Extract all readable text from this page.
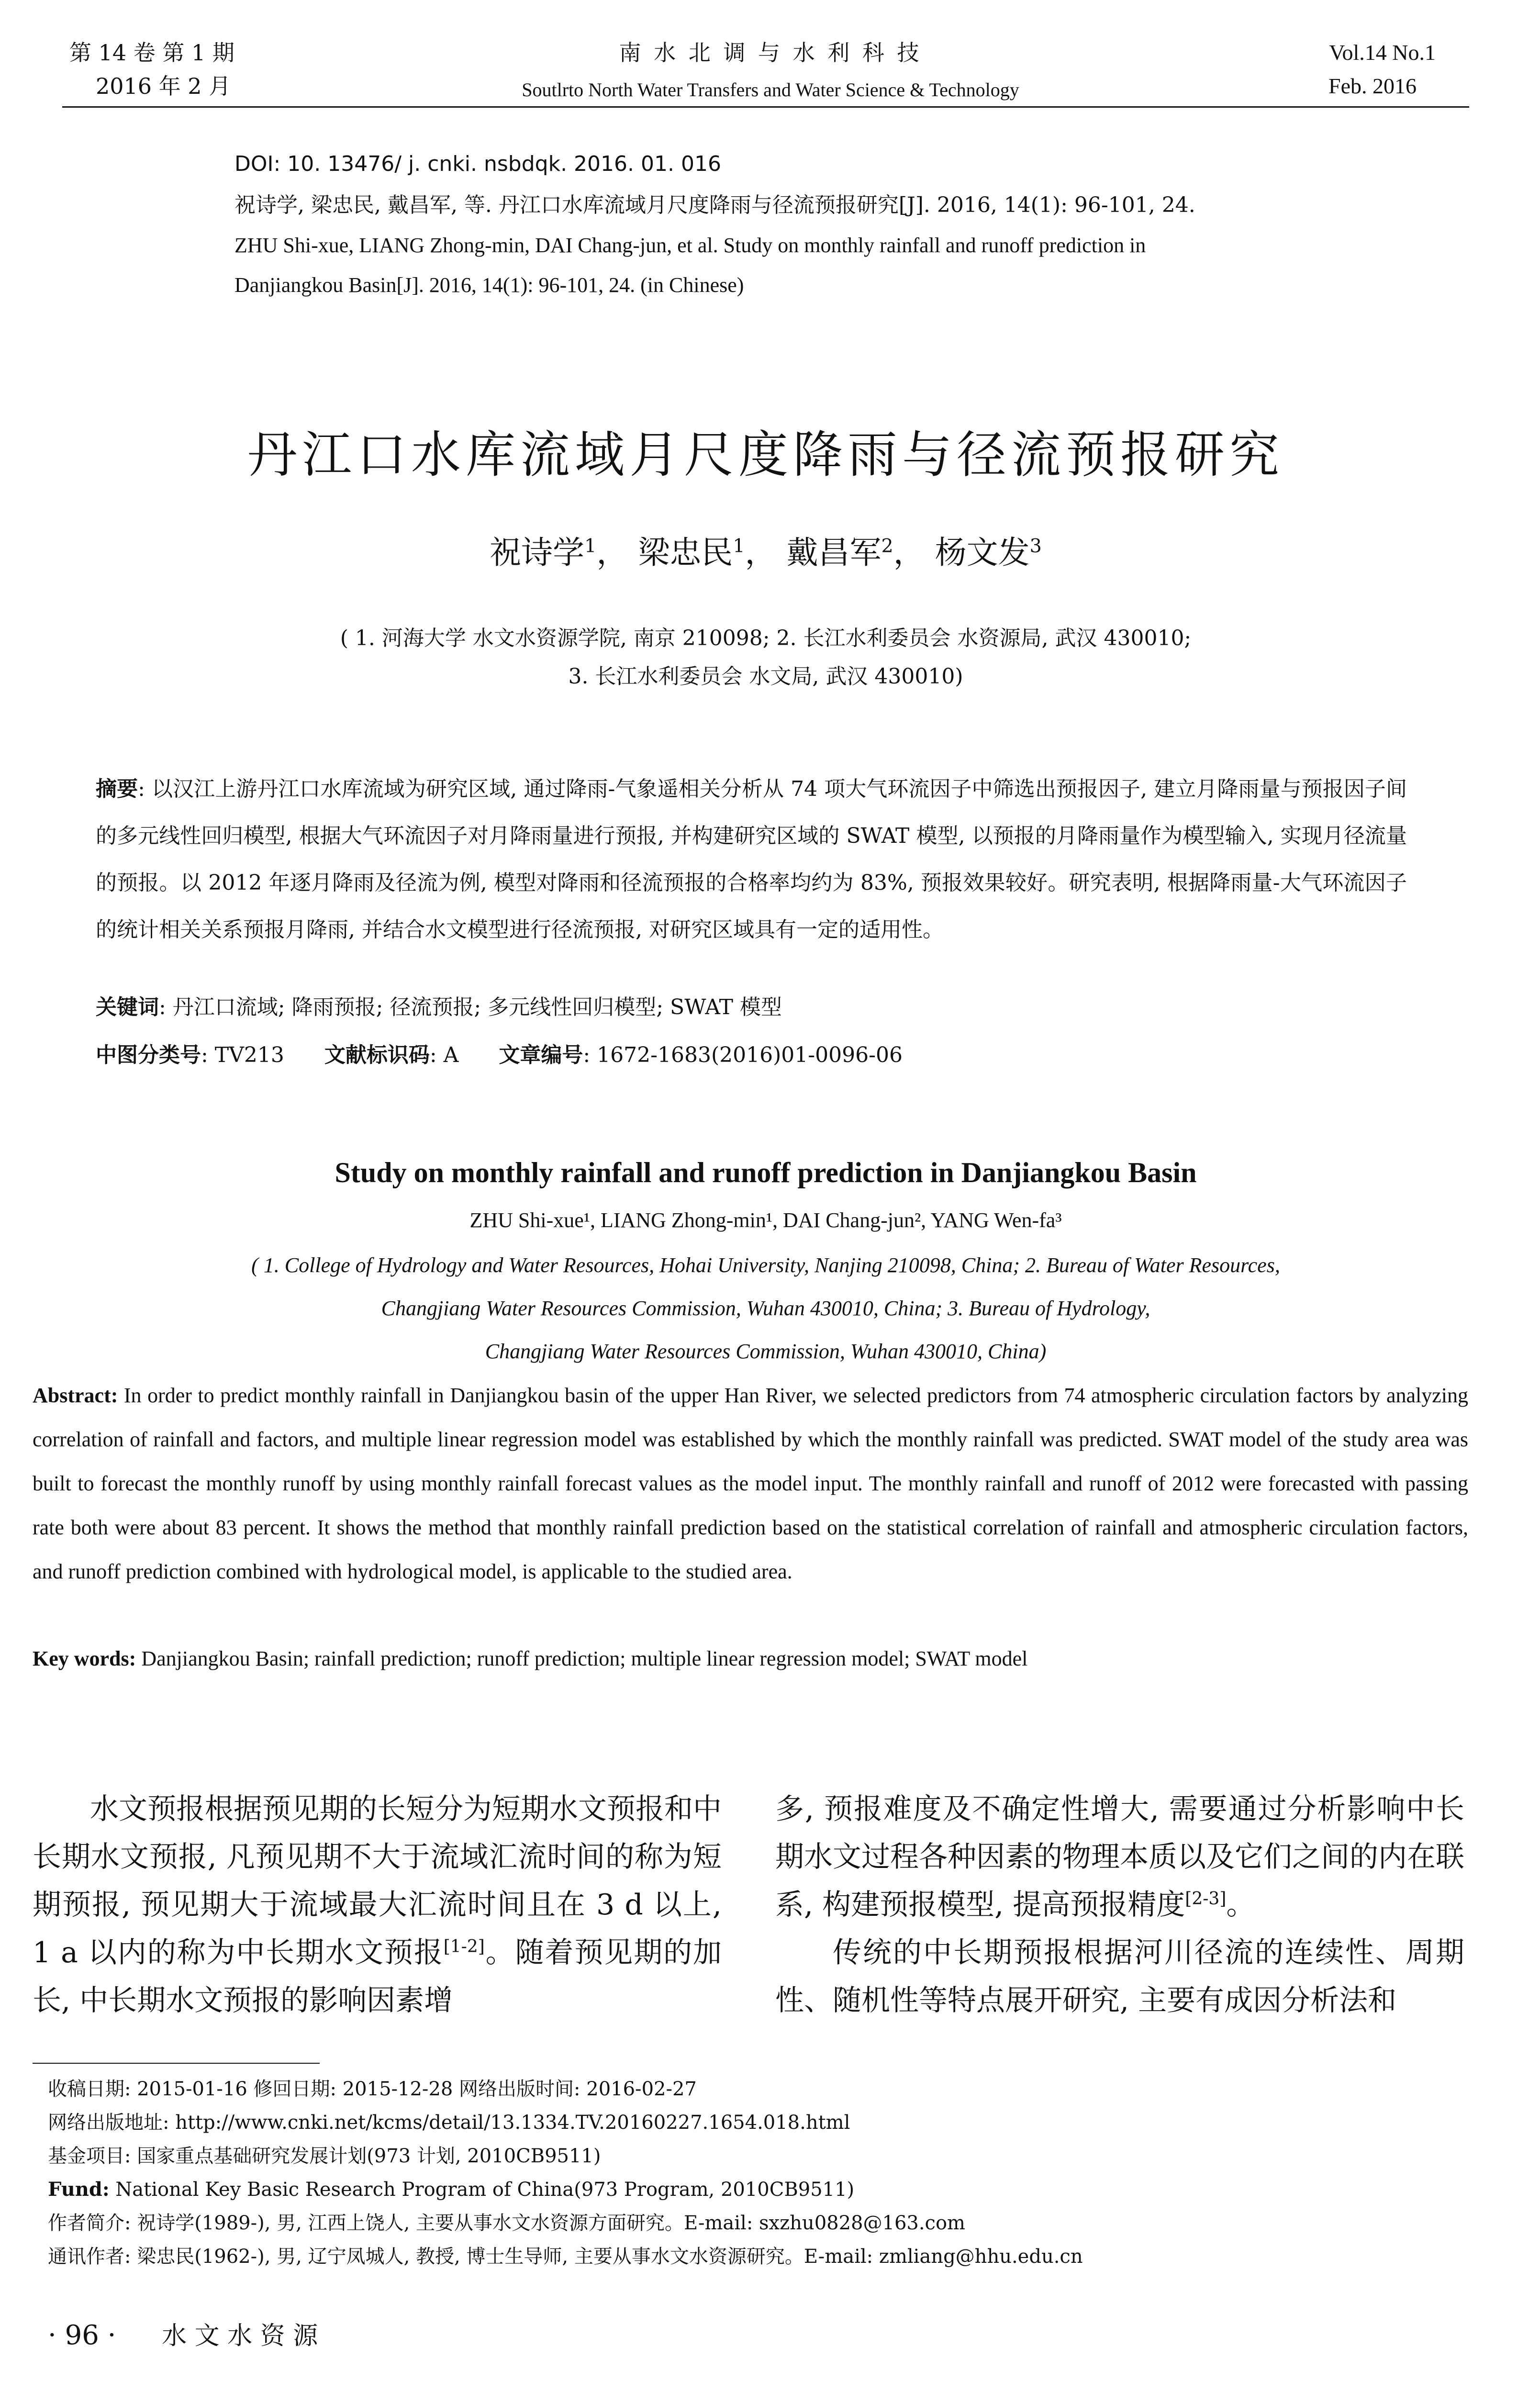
第 14 卷 第 1 期
2016 年 2 月
南 水 北 调 与 水 利 科 技
Soutlrto North Water Transfers and Water Science & Technology
Vol.14 No.1
Feb. 2016
DOI: 10. 13476/ j. cnki. nsbdqk. 2016. 01. 016
祝诗学, 梁忠民, 戴昌军, 等. 丹江口水库流域月尺度降雨与径流预报研究[J]. 2016, 14(1): 96-101, 24.
ZHU Shi-xue, LIANG Zhong-min, DAI Chang-jun, et al. Study on monthly rainfall and runoff prediction in
Danjiangkou Basin[J]. 2016, 14(1): 96-101, 24. (in Chinese)
丹江口水库流域月尺度降雨与径流预报研究
祝诗学$^1$， 梁忠民$^1$， 戴昌军$^2$， 杨文发$^3$
( 1. 河海大学 水文水资源学院, 南京 210098; 2. 长江水利委员会 水资源局, 武汉 430010;
3. 长江水利委员会 水文局, 武汉 430010)
摘要: 以汉江上游丹江口水库流域为研究区域, 通过降雨-气象遥相关分析从 74 项大气环流因子中筛选出预报因子, 建立月降雨量与预报因子间的多元线性回归模型, 根据大气环流因子对月降雨量进行预报, 并构建研究区域的 SWAT 模型, 以预报的月降雨量作为模型输入, 实现月径流量的预报。以 2012 年逐月降雨及径流为例, 模型对降雨和径流预报的合格率均约为 83%, 预报效果较好。研究表明, 根据降雨量-大气环流因子的统计相关关系预报月降雨, 并结合水文模型进行径流预报, 对研究区域具有一定的适用性。
关键词: 丹江口流域; 降雨预报; 径流预报; 多元线性回归模型; SWAT 模型
中图分类号: TV213 文献标识码: A 文章编号: 1672-1683(2016)01-0096-06
Study on monthly rainfall and runoff prediction in Danjiangkou Basin
ZHU Shi-xue¹, LIANG Zhong-min¹, DAI Chang-jun², YANG Wen-fa³
( 1. College of Hydrology and Water Resources, Hohai University, Nanjing 210098, China; 2. Bureau of Water Resources,
Changjiang Water Resources Commission, Wuhan 430010, China; 3. Bureau of Hydrology,
Changjiang Water Resources Commission, Wuhan 430010, China)
Abstract: In order to predict monthly rainfall in Danjiangkou basin of the upper Han River, we selected predictors from 74 atmospheric circulation factors by analyzing correlation of rainfall and factors, and multiple linear regression model was established by which the monthly rainfall was predicted. SWAT model of the study area was built to forecast the monthly runoff by using monthly rainfall forecast values as the model input. The monthly rainfall and runoff of 2012 were forecasted with passing rate both were about 83 percent. It shows the method that monthly rainfall prediction based on the statistical correlation of rainfall and atmospheric circulation factors, and runoff prediction combined with hydrological model, is applicable to the studied area.
Key words: Danjiangkou Basin; rainfall prediction; runoff prediction; multiple linear regression model; SWAT model
水文预报根据预见期的长短分为短期水文预报和中长期水文预报, 凡预见期不大于流域汇流时间的称为短期预报, 预见期大于流域最大汇流时间且在 3 d 以上, 1 a 以内的称为中长期水文预报[1-2]。随着预见期的加长, 中长期水文预报的影响因素增
多, 预报难度及不确定性增大, 需要通过分析影响中长期水文过程各种因素的物理本质以及它们之间的内在联系, 构建预报模型, 提高预报精度[2-3]。
传统的中长期预报根据河川径流的连续性、周期性、随机性等特点展开研究, 主要有成因分析法和
收稿日期: 2015-01-16 修回日期: 2015-12-28 网络出版时间: 2016-02-27
网络出版地址: http://www.cnki.net/kcms/detail/13.1334.TV.20160227.1654.018.html
基金项目: 国家重点基础研究发展计划(973 计划, 2010CB9511)
Fund: National Key Basic Research Program of China(973 Program, 2010CB9511)
作者简介: 祝诗学(1989-), 男, 江西上饶人, 主要从事水文水资源方面研究。E-mail: sxzhu0828@163.com
通讯作者: 梁忠民(1962-), 男, 辽宁凤城人, 教授, 博士生导师, 主要从事水文水资源研究。E-mail: zmliang@hhu.edu.cn
· 96 · 水 文 水 资 源
